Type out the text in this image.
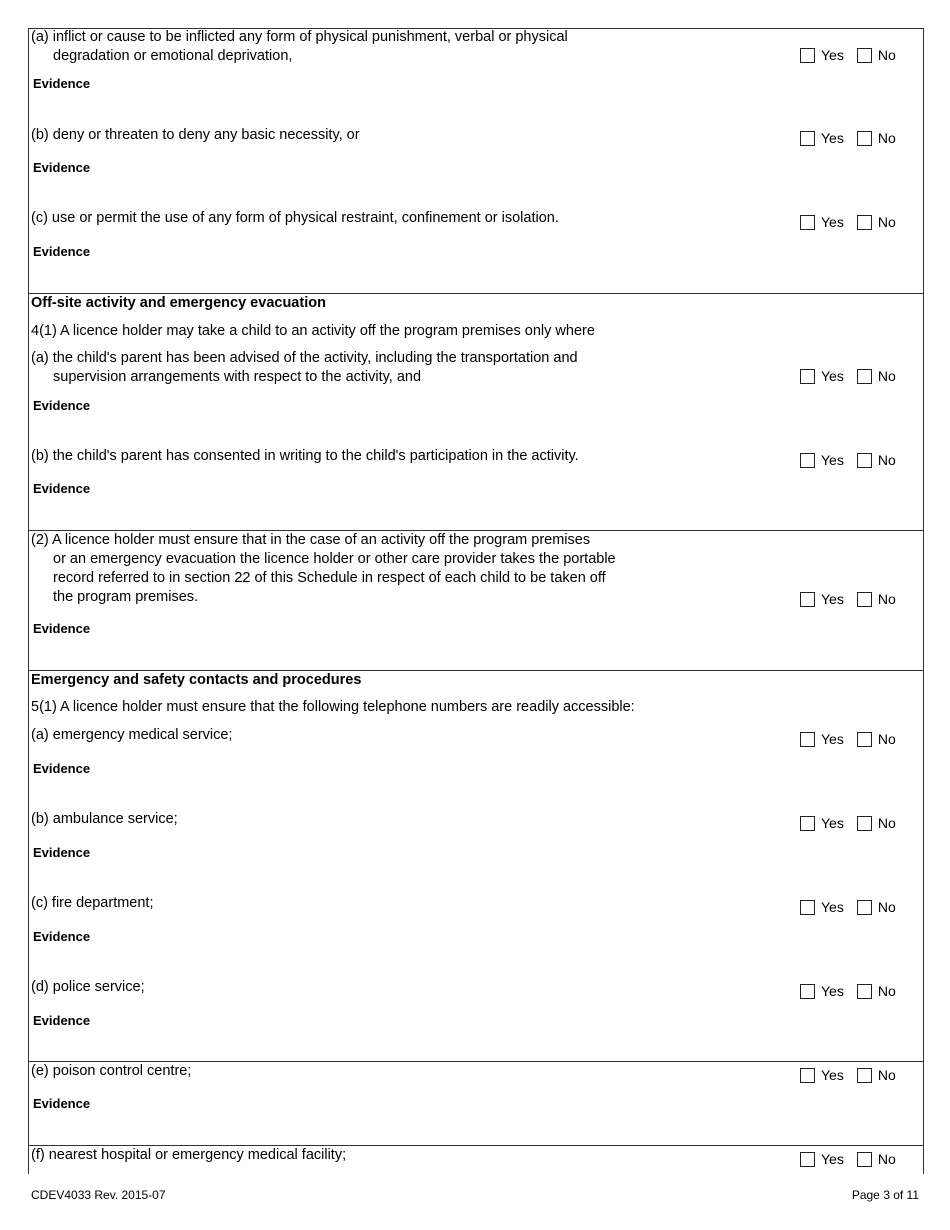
(a) inflict or cause to be inflicted any form of physical punishment, verbal or physical
degradation or emotional deprivation,	Yes No
Evidence
(b) deny or threaten to deny any basic necessity, or	Yes No
Evidence
(c) use or permit the use of any form of physical restraint, confinement or isolation.	Yes No
Evidence
Off-site activity and emergency evacuation
4(1) A licence holder may take a child to an activity off the program premises only where
(a) the child's parent has been advised of the activity, including the transportation and
supervision arrangements with respect to the activity, and	Yes No
Evidence
(b) the child's parent has consented in writing to the child's participation in the activity.	Yes No
Evidence
(2) A licence holder must ensure that in the case of an activity off the program premises
or an emergency evacuation the licence holder or other care provider takes the portable
record referred to in section 22 of this Schedule in respect of each child to be taken off
the program premises.	Yes No
Evidence
Emergency and safety contacts and procedures
5(1) A licence holder must ensure that the following telephone numbers are readily accessible:
(a) emergency medical service;	Yes No
Evidence
(b) ambulance service;	Yes No
Evidence
(c) fire department;	Yes No
Evidence
(d) police service;	Yes No
Evidence
(e) poison control centre;	Yes No
Evidence
(f) nearest hospital or emergency medical facility;	Yes No
CDEV4033 Rev. 2015-07	Page 3 of 11
